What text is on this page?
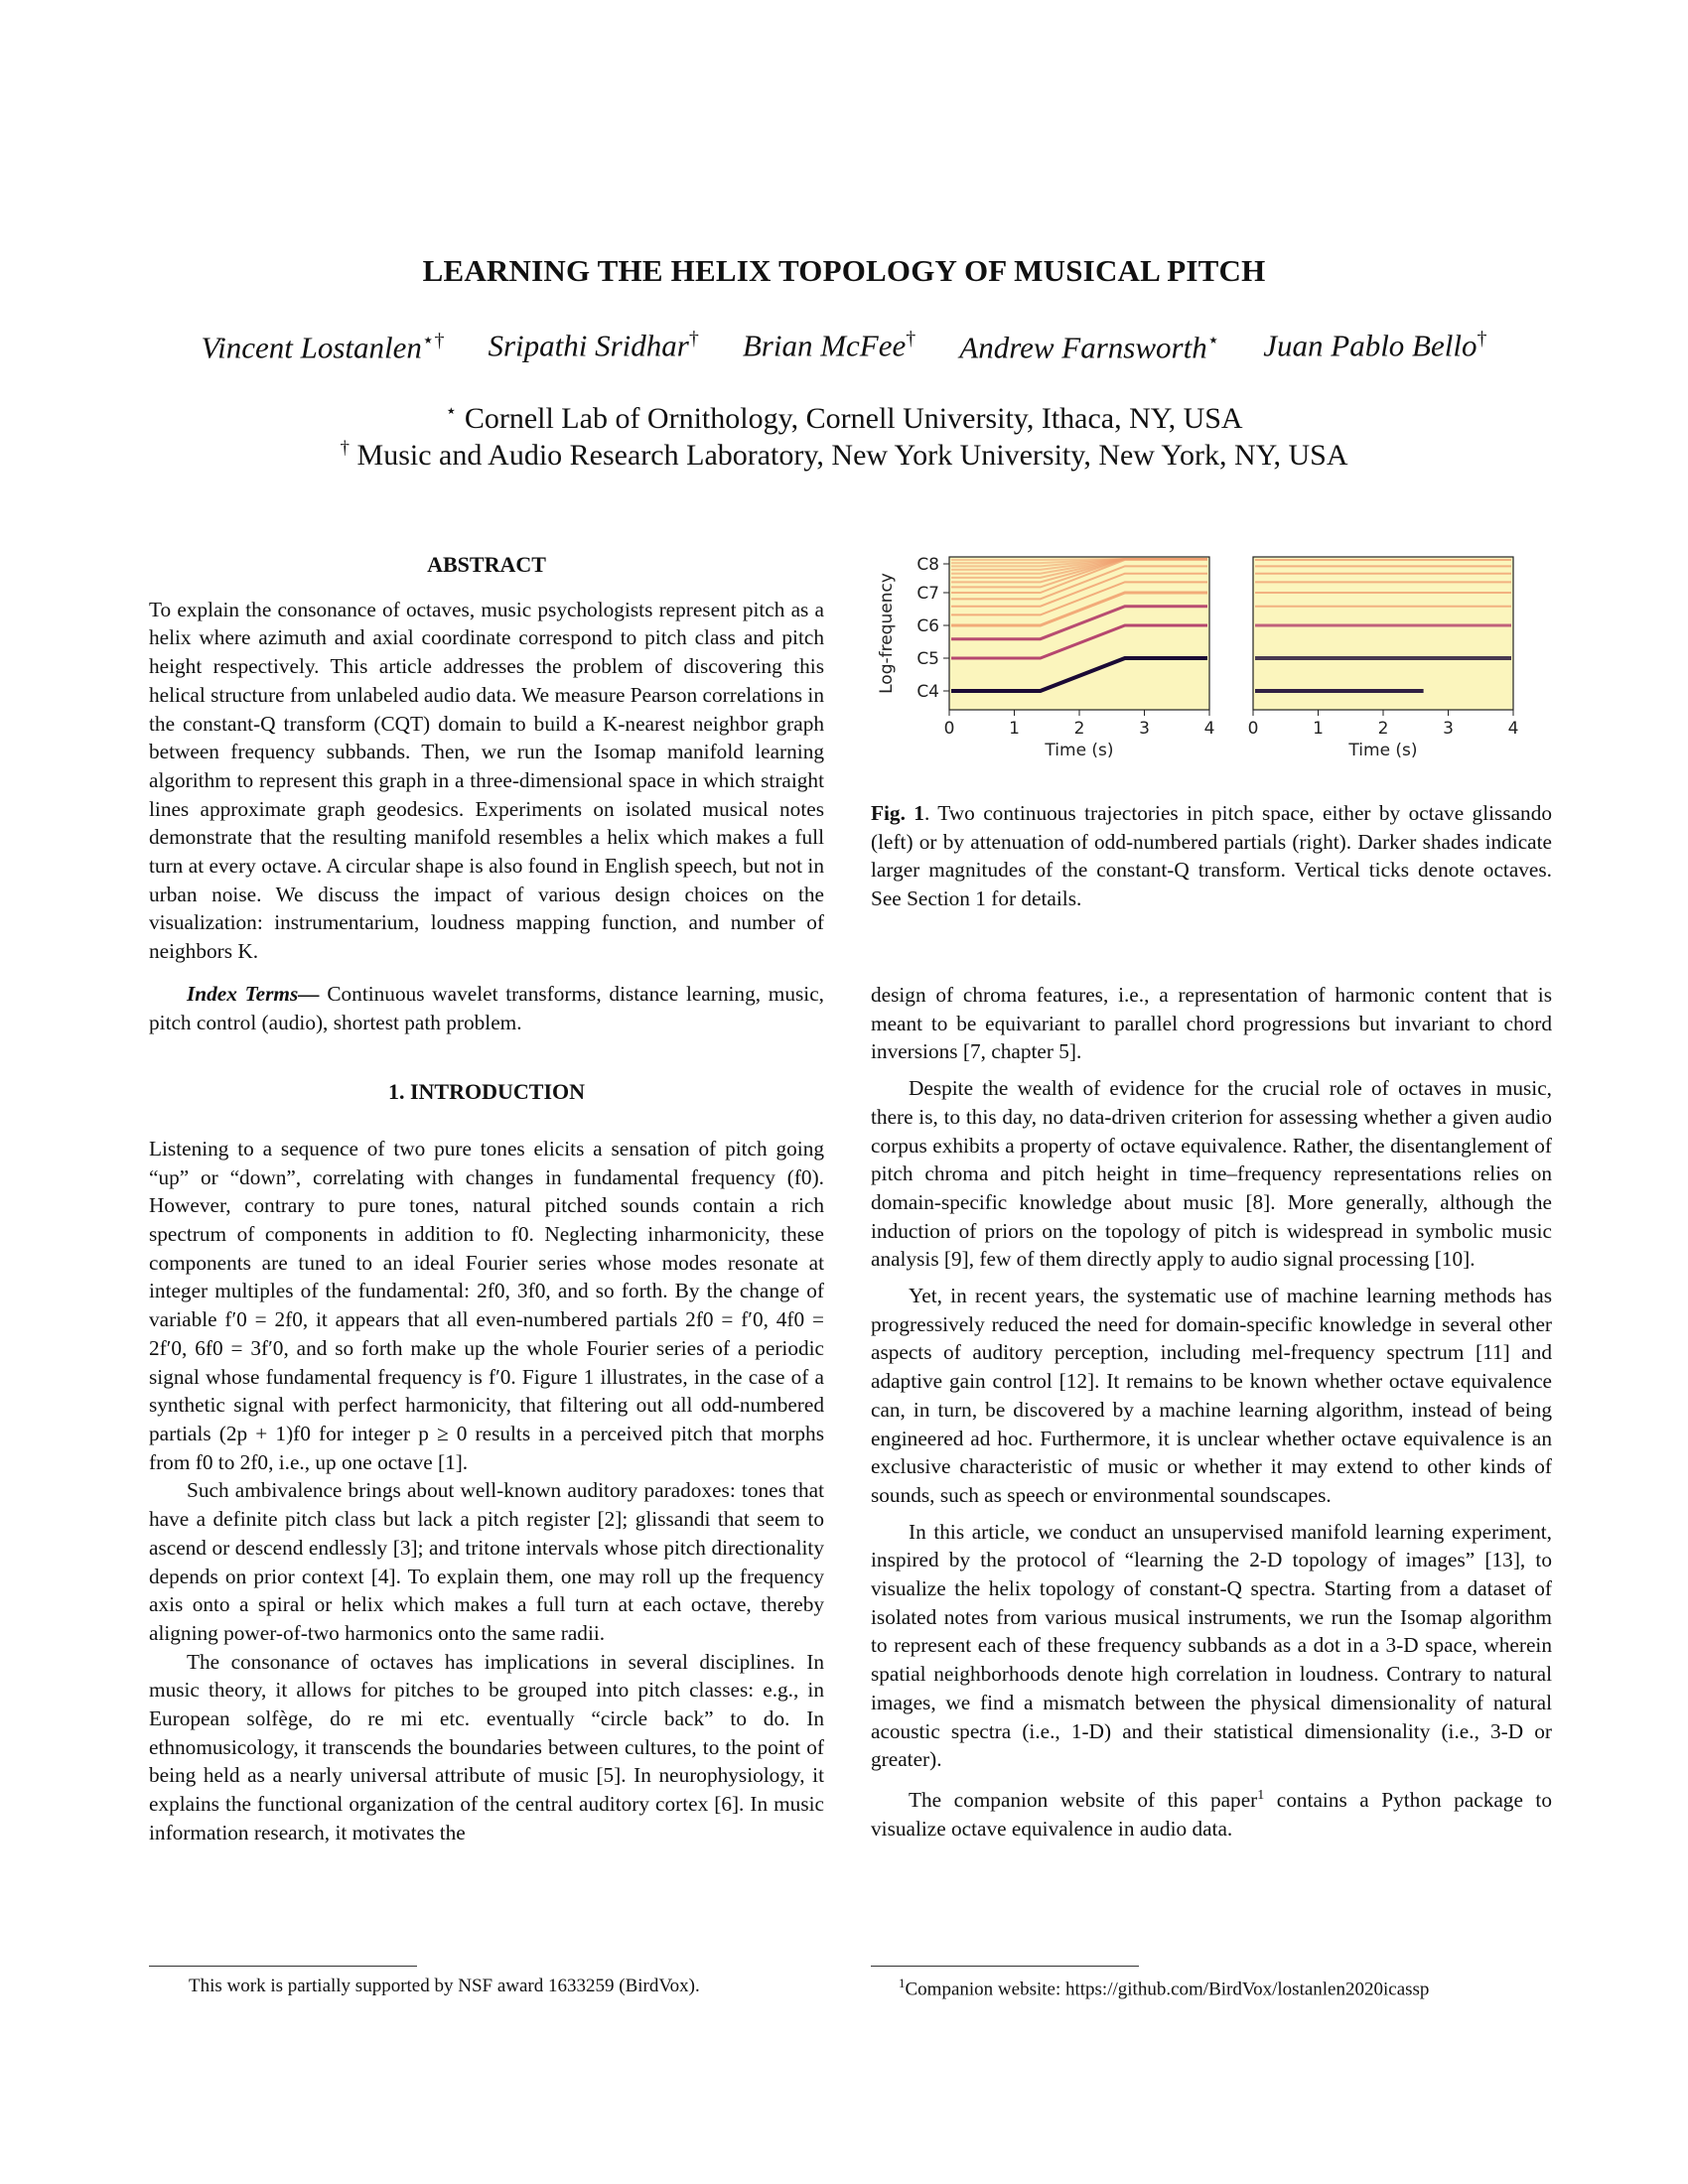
LEARNING THE HELIX TOPOLOGY OF MUSICAL PITCH
Vincent Lostanlen⋆† Sripathi Sridhar† Brian McFee† Andrew Farnsworth⋆ Juan Pablo Bello†
⋆ Cornell Lab of Ornithology, Cornell University, Ithaca, NY, USA
† Music and Audio Research Laboratory, New York University, New York, NY, USA
ABSTRACT

To explain the consonance of octaves, music psychologists represent pitch as a helix where azimuth and axial coordinate correspond to pitch class and pitch height respectively. This article addresses the problem of discovering this helical structure from unlabeled audio data. We measure Pearson correlations in the constant-Q transform (CQT) domain to build a K-nearest neighbor graph between frequency subbands. Then, we run the Isomap manifold learning algorithm to represent this graph in a three-dimensional space in which straight lines approximate graph geodesics. Experiments on isolated musical notes demonstrate that the resulting manifold resembles a helix which makes a full turn at every octave. A circular shape is also found in English speech, but not in urban noise. We discuss the impact of various design choices on the visualization: instrumentarium, loudness mapping function, and number of neighbors K.

Index Terms— Continuous wavelet transforms, distance learning, music, pitch control (audio), shortest path problem.

1. INTRODUCTION

Listening to a sequence of two pure tones elicits a sensation of pitch going “up” or “down”, correlating with changes in fundamental frequency (f0). However, contrary to pure tones, natural pitched sounds contain a rich spectrum of components in addition to f0. Neglecting inharmonicity, these components are tuned to an ideal Fourier series whose modes resonate at integer multiples of the fundamental: 2f0, 3f0, and so forth. By the change of variable f′0 = 2f0, it appears that all even-numbered partials 2f0 = f′0, 4f0 = 2f′0, 6f0 = 3f′0, and so forth make up the whole Fourier series of a periodic signal whose fundamental frequency is f′0. Figure 1 illustrates, in the case of a synthetic signal with perfect harmonicity, that filtering out all odd-numbered partials (2p + 1)f0 for integer p ≥ 0 results in a perceived pitch that morphs from f0 to 2f0, i.e., up one octave [1].

Such ambivalence brings about well-known auditory paradoxes: tones that have a definite pitch class but lack a pitch register [2]; glissandi that seem to ascend or descend endlessly [3]; and tritone intervals whose pitch directionality depends on prior context [4]. To explain them, one may roll up the frequency axis onto a spiral or helix which makes a full turn at each octave, thereby aligning power-of-two harmonics onto the same radii.

The consonance of octaves has implications in several disciplines. In music theory, it allows for pitches to be grouped into pitch classes: e.g., in European solfège, do re mi etc. eventually “circle back” to do. In ethnomusicology, it transcends the boundaries between cultures, to the point of being held as a nearly universal attribute of music [5]. In neurophysiology, it explains the functional organization of the central auditory cortex [6]. In music information research, it motivates the

Log-frequency C4
C5
C6
C7
C8
0	1	2	3	4
Time (s)
0	1	2	3	4
Time (s)
Fig. 1. Two continuous trajectories in pitch space, either by octave glissando (left) or by attenuation of odd-numbered partials (right). Darker shades indicate larger magnitudes of the constant-Q transform. Vertical ticks denote octaves. See Section 1 for details.

design of chroma features, i.e., a representation of harmonic content that is meant to be equivariant to parallel chord progressions but invariant to chord inversions [7, chapter 5].

Despite the wealth of evidence for the crucial role of octaves in music, there is, to this day, no data-driven criterion for assessing whether a given audio corpus exhibits a property of octave equivalence. Rather, the disentanglement of pitch chroma and pitch height in time–frequency representations relies on domain-specific knowledge about music [8]. More generally, although the induction of priors on the topology of pitch is widespread in symbolic music analysis [9], few of them directly apply to audio signal processing [10].

Yet, in recent years, the systematic use of machine learning methods has progressively reduced the need for domain-specific knowledge in several other aspects of auditory perception, including mel-frequency spectrum [11] and adaptive gain control [12]. It remains to be known whether octave equivalence can, in turn, be discovered by a machine learning algorithm, instead of being engineered ad hoc. Furthermore, it is unclear whether octave equivalence is an exclusive characteristic of music or whether it may extend to other kinds of sounds, such as speech or environmental soundscapes.

In this article, we conduct an unsupervised manifold learning experiment, inspired by the protocol of “learning the 2-D topology of images” [13], to visualize the helix topology of constant-Q spectra. Starting from a dataset of isolated notes from various musical instruments, we run the Isomap algorithm to represent each of these frequency subbands as a dot in a 3-D space, wherein spatial neighborhoods denote high correlation in loudness. Contrary to natural images, we find a mismatch between the physical dimensionality of natural acoustic spectra (i.e., 1-D) and their statistical dimensionality (i.e., 3-D or greater).

The companion website of this paper$^1$ contains a Python package to visualize octave equivalence in audio data.

This work is partially supported by NSF award 1633259 (BirdVox).	$^1$Companion website: https://github.com/BirdVox/lostanlen2020icassp
